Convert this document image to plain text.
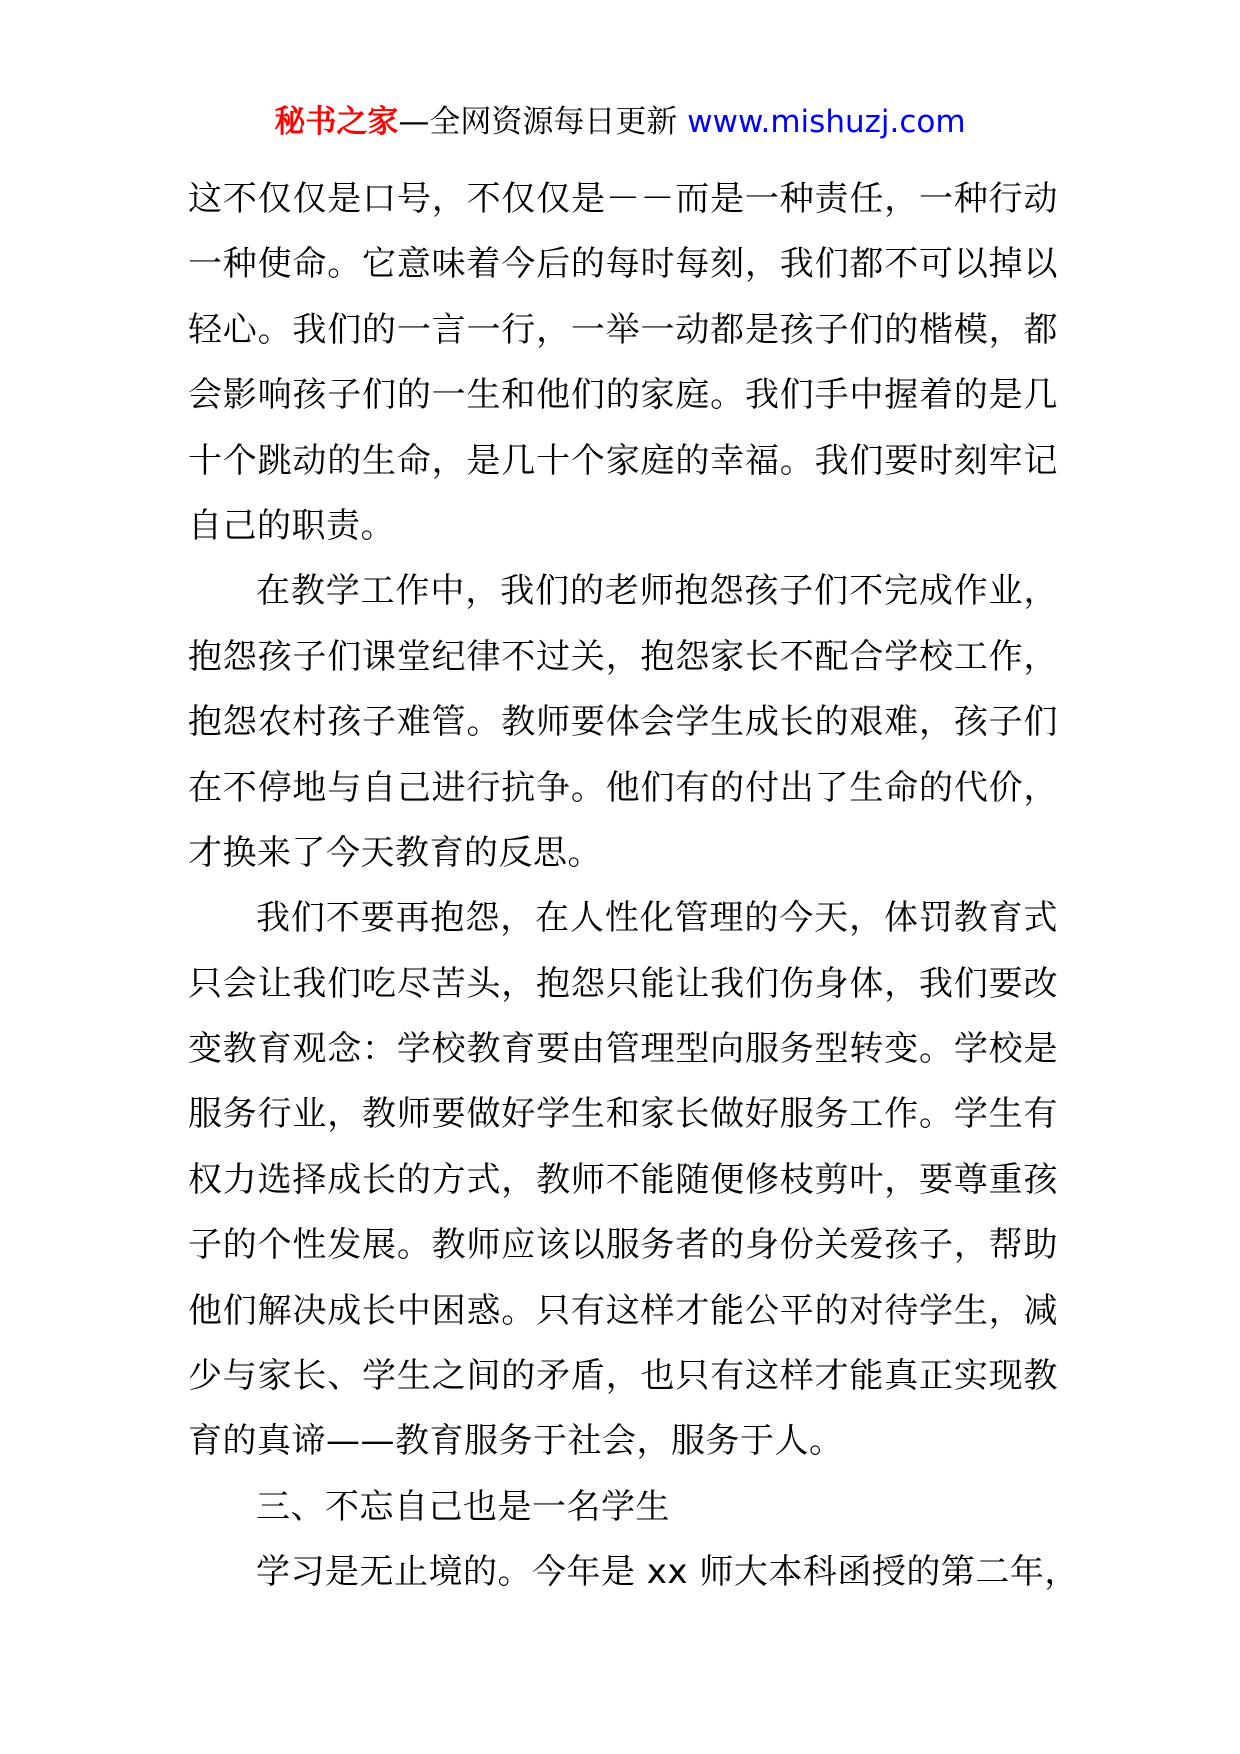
秘书之家—全网资源每日更新 www.mishuzj.com
这不仅仅是口号，不仅仅是－－而是一种责任，一种行动
一种使命。它意味着今后的每时每刻，我们都不可以掉以
轻心。我们的一言一行，一举一动都是孩子们的楷模，都
会影响孩子们的一生和他们的家庭。我们手中握着的是几
十个跳动的生命，是几十个家庭的幸福。我们要时刻牢记
自己的职责。
在教学工作中，我们的老师抱怨孩子们不完成作业，
抱怨孩子们课堂纪律不过关，抱怨家长不配合学校工作，
抱怨农村孩子难管。教师要体会学生成长的艰难，孩子们
在不停地与自己进行抗争。他们有的付出了生命的代价，
才换来了今天教育的反思。
我们不要再抱怨，在人性化管理的今天，体罚教育式
只会让我们吃尽苦头，抱怨只能让我们伤身体，我们要改
变教育观念：学校教育要由管理型向服务型转变。学校是
服务行业，教师要做好学生和家长做好服务工作。学生有
权力选择成长的方式，教师不能随便修枝剪叶，要尊重孩
子的个性发展。教师应该以服务者的身份关爱孩子，帮助
他们解决成长中困惑。只有这样才能公平的对待学生，减
少与家长、学生之间的矛盾，也只有这样才能真正实现教
育的真谛——教育服务于社会，服务于人。
三、不忘自己也是一名学生
学习是无止境的。今年是 xx 师大本科函授的第二年，
